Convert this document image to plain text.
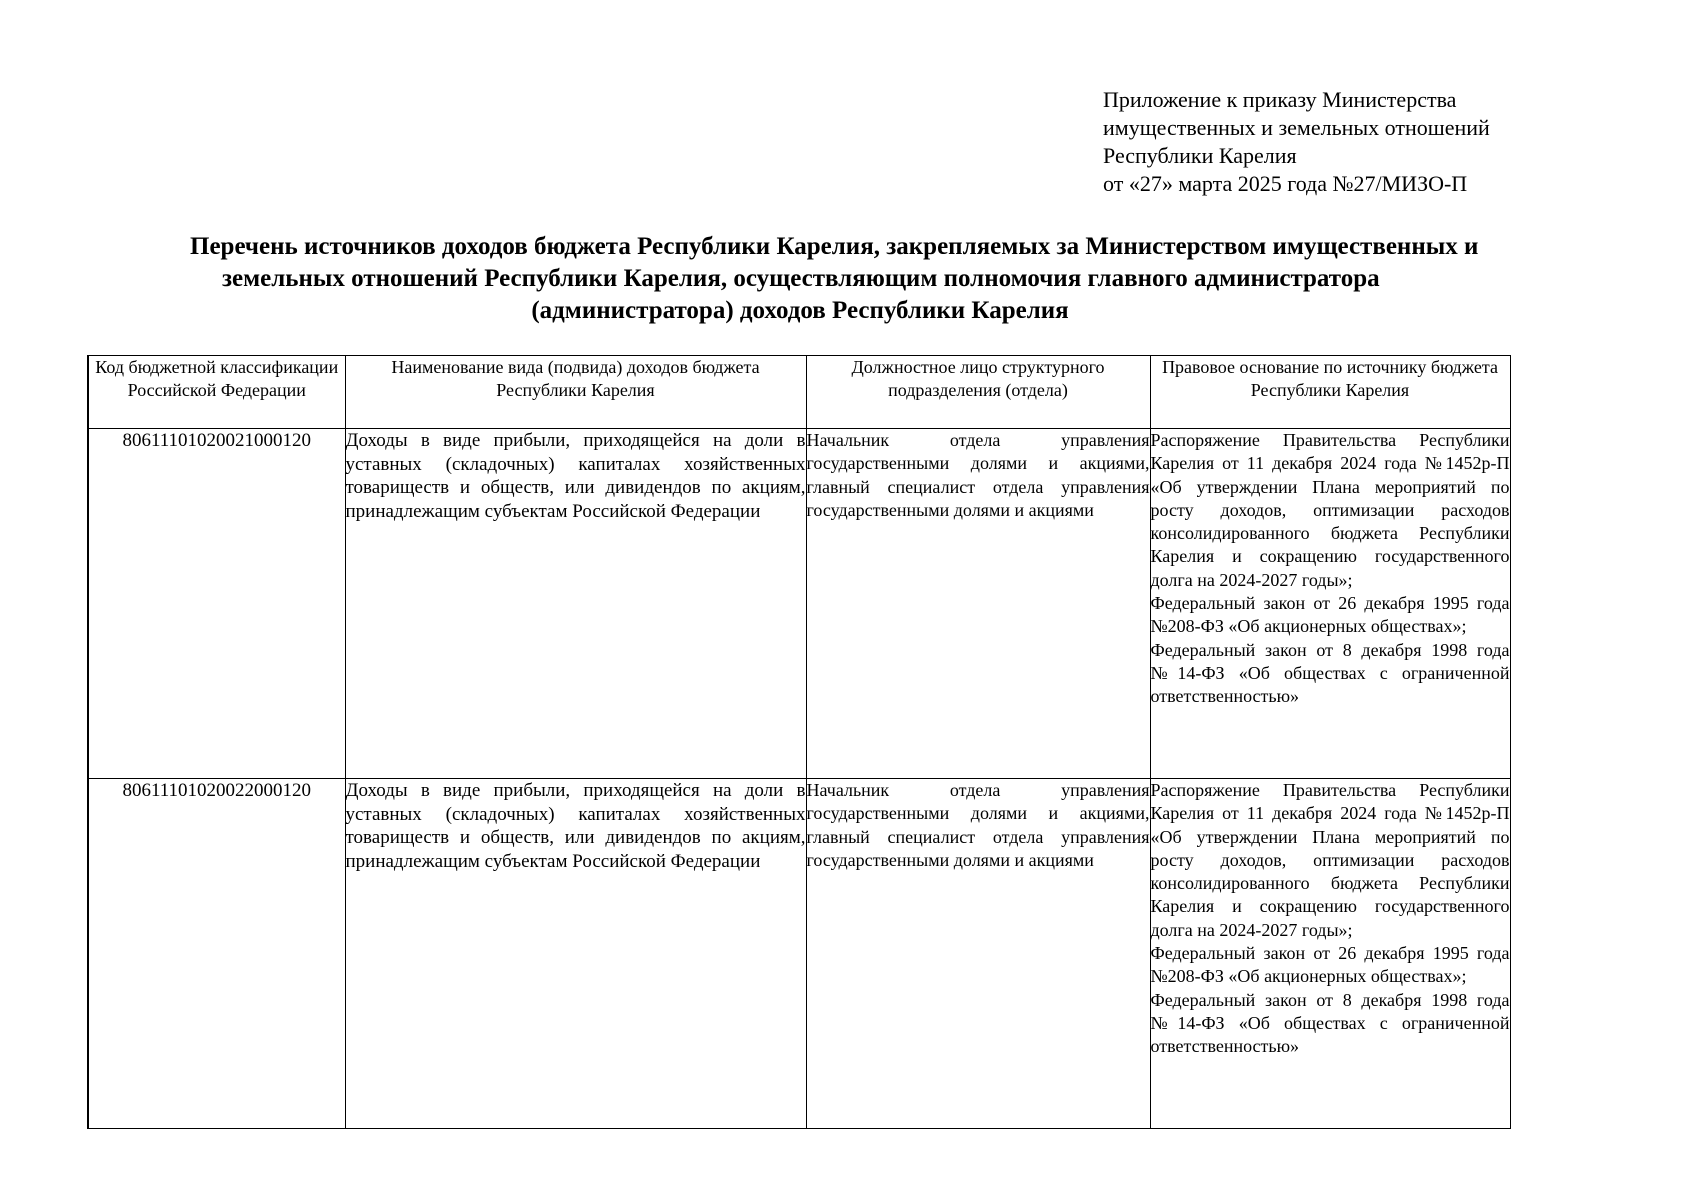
Приложение к приказу Министерства
имущественных и земельных отношений
Республики Карелия
от «27» марта 2025 года №27/МИЗО-П
Перечень источников доходов бюджета Республики Карелия, закрепляемых за Министерством имущественных и
земельных отношений Республики Карелия, осуществляющим полномочия главного администратора
(администратора) доходов Республики Карелия
Код бюджетной классификации Российской Федерации	Наименование вида (подвида) доходов бюджета Республики Карелия	Должностное лицо структурного подразделения (отдела)	Правовое основание по источнику бюджета Республики Карелия
80611101020021000120	Доходы в виде прибыли, приходящейся на доли в уставных (складочных) капиталах хозяйственных товариществ и обществ, или дивидендов по акциям, принадлежащим субъектам Российской Федерации	Начальник отдела управления государственными долями и акциями, главный специалист отдела управления государственными долями и акциями	Распоряжение Правительства Республики Карелия от 11 декабря 2024 года №1452р-П «Об утверждении Плана мероприятий по росту доходов, оптимизации расходов консолидированного бюджета Республики Карелия и сокращению государственного долга на 2024-2027 годы»;
Федеральный закон от 26 декабря 1995 года №208-ФЗ «Об акционерных обществах»;
Федеральный закон от 8 декабря 1998 года №14-ФЗ «Об обществах с ограниченной ответственностью»

80611101020022000120	Доходы в виде прибыли, приходящейся на доли в уставных (складочных) капиталах хозяйственных товариществ и обществ, или дивидендов по акциям, принадлежащим субъектам Российской Федерации	Начальник отдела управления государственными долями и акциями, главный специалист отдела управления государственными долями и акциями	Распоряжение Правительства Республики Карелия от 11 декабря 2024 года №1452р-П «Об утверждении Плана мероприятий по росту доходов, оптимизации расходов консолидированного бюджета Республики Карелия и сокращению государственного долга на 2024-2027 годы»;
Федеральный закон от 26 декабря 1995 года №208-ФЗ «Об акционерных обществах»;
Федеральный закон от 8 декабря 1998 года №14-ФЗ «Об обществах с ограниченной ответственностью»
